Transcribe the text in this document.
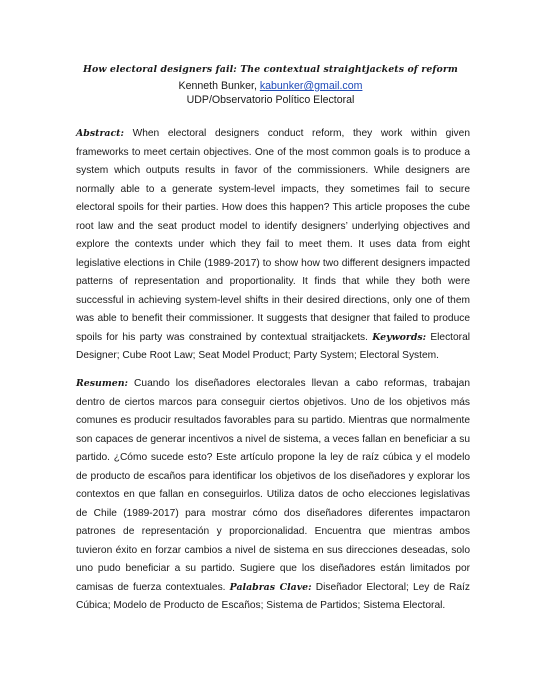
How electoral designers fail: The contextual straightjackets of reform
Kenneth Bunker, kabunker@gmail.com
UDP/Observatorio Político Electoral
Abstract: When electoral designers conduct reform, they work within given frameworks to meet certain objectives. One of the most common goals is to produce a system which outputs results in favor of the commissioners. While designers are normally able to a generate system-level impacts, they sometimes fail to secure electoral spoils for their parties. How does this happen? This article proposes the cube root law and the seat product model to identify designers’ underlying objectives and explore the contexts under which they fail to meet them. It uses data from eight legislative elections in Chile (1989-2017) to show how two different designers impacted patterns of representation and proportionality. It finds that while they both were successful in achieving system-level shifts in their desired directions, only one of them was able to benefit their commissioner. It suggests that designer that failed to produce spoils for his party was constrained by contextual straitjackets. Keywords: Electoral Designer; Cube Root Law; Seat Model Product; Party System; Electoral System.
Resumen: Cuando los diseñadores electorales llevan a cabo reformas, trabajan dentro de ciertos marcos para conseguir ciertos objetivos. Uno de los objetivos más comunes es producir resultados favorables para su partido. Mientras que normalmente son capaces de generar incentivos a nivel de sistema, a veces fallan en beneficiar a su partido. ¿Cómo sucede esto? Este artículo propone la ley de raíz cúbica y el modelo de producto de escaños para identificar los objetivos de los diseñadores y explorar los contextos en que fallan en conseguirlos. Utiliza datos de ocho elecciones legislativas de Chile (1989-2017) para mostrar cómo dos diseñadores diferentes impactaron patrones de representación y proporcionalidad. Encuentra que mientras ambos tuvieron éxito en forzar cambios a nivel de sistema en sus direcciones deseadas, solo uno pudo beneficiar a su partido. Sugiere que los diseñadores están limitados por camisas de fuerza contextuales. Palabras Clave: Diseñador Electoral; Ley de Raíz Cúbica; Modelo de Producto de Escaños; Sistema de Partidos; Sistema Electoral.
